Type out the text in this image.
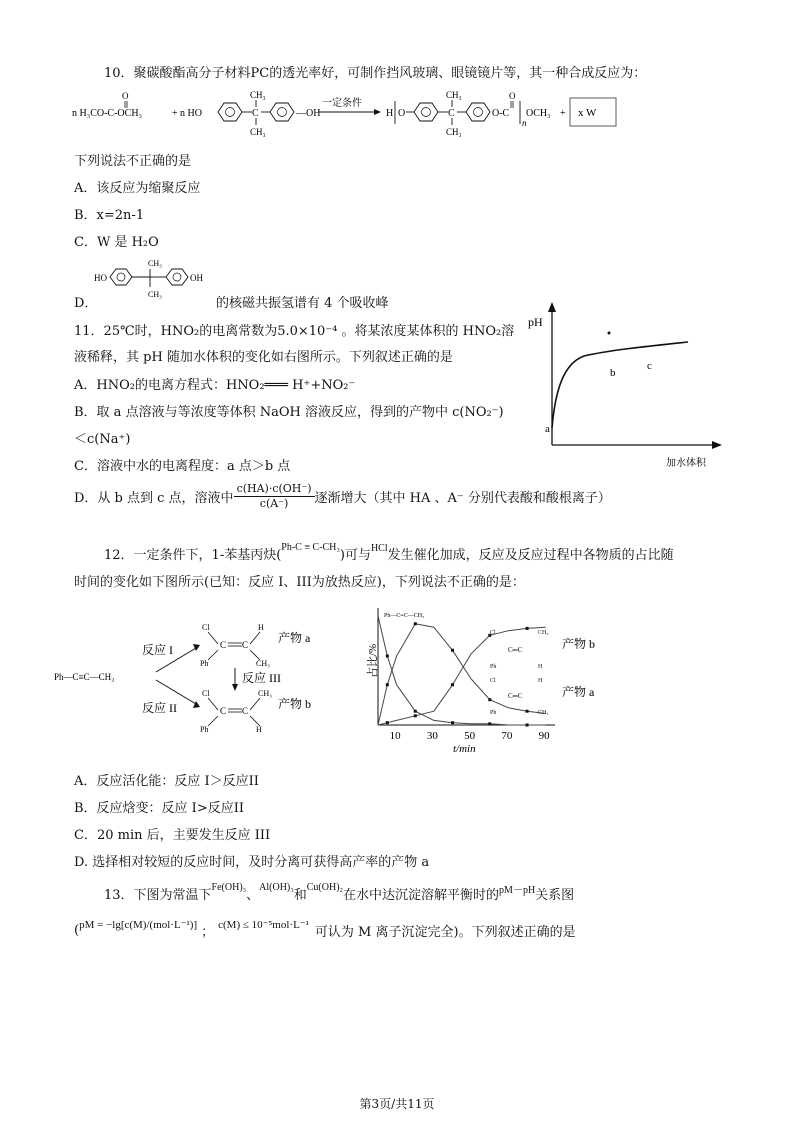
10．聚碳酸酯高分子材料PC的透光率好，可制作挡风玻璃、眼镜镜片等，其一种合成反应为：
n H₃CO-C-OCH₃
O
+ n HO	C
CH₃
CH₃
—OH
一定条件
H O	C
CH₃
CH₃
O-C
O
n
OCH₃ + x W
下列说法不正确的是
A．该反应为缩聚反应
B．x=2n-1
C．W 是 H₂O
D．
HO
CH₃
CH₃
OH
的核磁共振氢谱有 4 个吸收峰
11．25℃时，HNO₂的电离常数为5.0×10⁻⁴ 。将某浓度某体积的 HNO₂溶
液稀释，其 pH 随加水体积的变化如右图所示。下列叙述正确的是
A．HNO₂的电离方程式：HNO₂═══ H⁺+NO₂⁻
B．取 a 点溶液与等浓度等体积 NaOH 溶液反应，得到的产物中 c(NO₂⁻)
＜c(Na⁺)
C．溶液中水的电离程度：a 点＞b 点
D．从 b 点到 c 点，溶液中 $\frac{c(HA)\cdot c(OH^-)}{c(A^-)}$ 逐渐增大（其中 HA 、A⁻ 分别代表酸和酸根离子）
pH
加水体积
a
b
c
12．一定条件下，1-苯基丙炔(
Ph-C ≡ C-CH₃
)可与 HCl 发生催化加成，反应及反应过程中各物质的占比随
时间的变化如下图所示(已知：反应 I、III为放热反应)，下列说法不正确的是：
Ph—C≡C—CH₃
反应 I
反应 II
Cl	H
C C
Ph	CH₃
产物 a
反应 III
Cl	CH₃
C C
Ph	H
产物 b
占比/%
10 30 50 70 90
t/min
Ph—C≡C—CH₃
产物 b
产物 a
Cl	CH₃
C═C
Ph	H
Cl	H
C═C
Ph	CH₃
A．反应活化能：反应 I＞反应II
B．反应焓变：反应 I>反应II
C．20 min 后，主要发生反应 III
D. 选择相对较短的反应时间，及时分离可获得高产率的产物 a
13．下图为常温下
Fe(OH)₃
、
Al(OH)₃
和
Cu(OH)₂
在水中达沉淀溶解平衡时的 pM－pH 关系图
( pM = −lg[c(M)/(mol·L⁻¹)] ； c(M) ≤ 10⁻⁵mol·L⁻¹ 可认为 M 离子沉淀完全)。下列叙述正确的是
第3页/共11页
